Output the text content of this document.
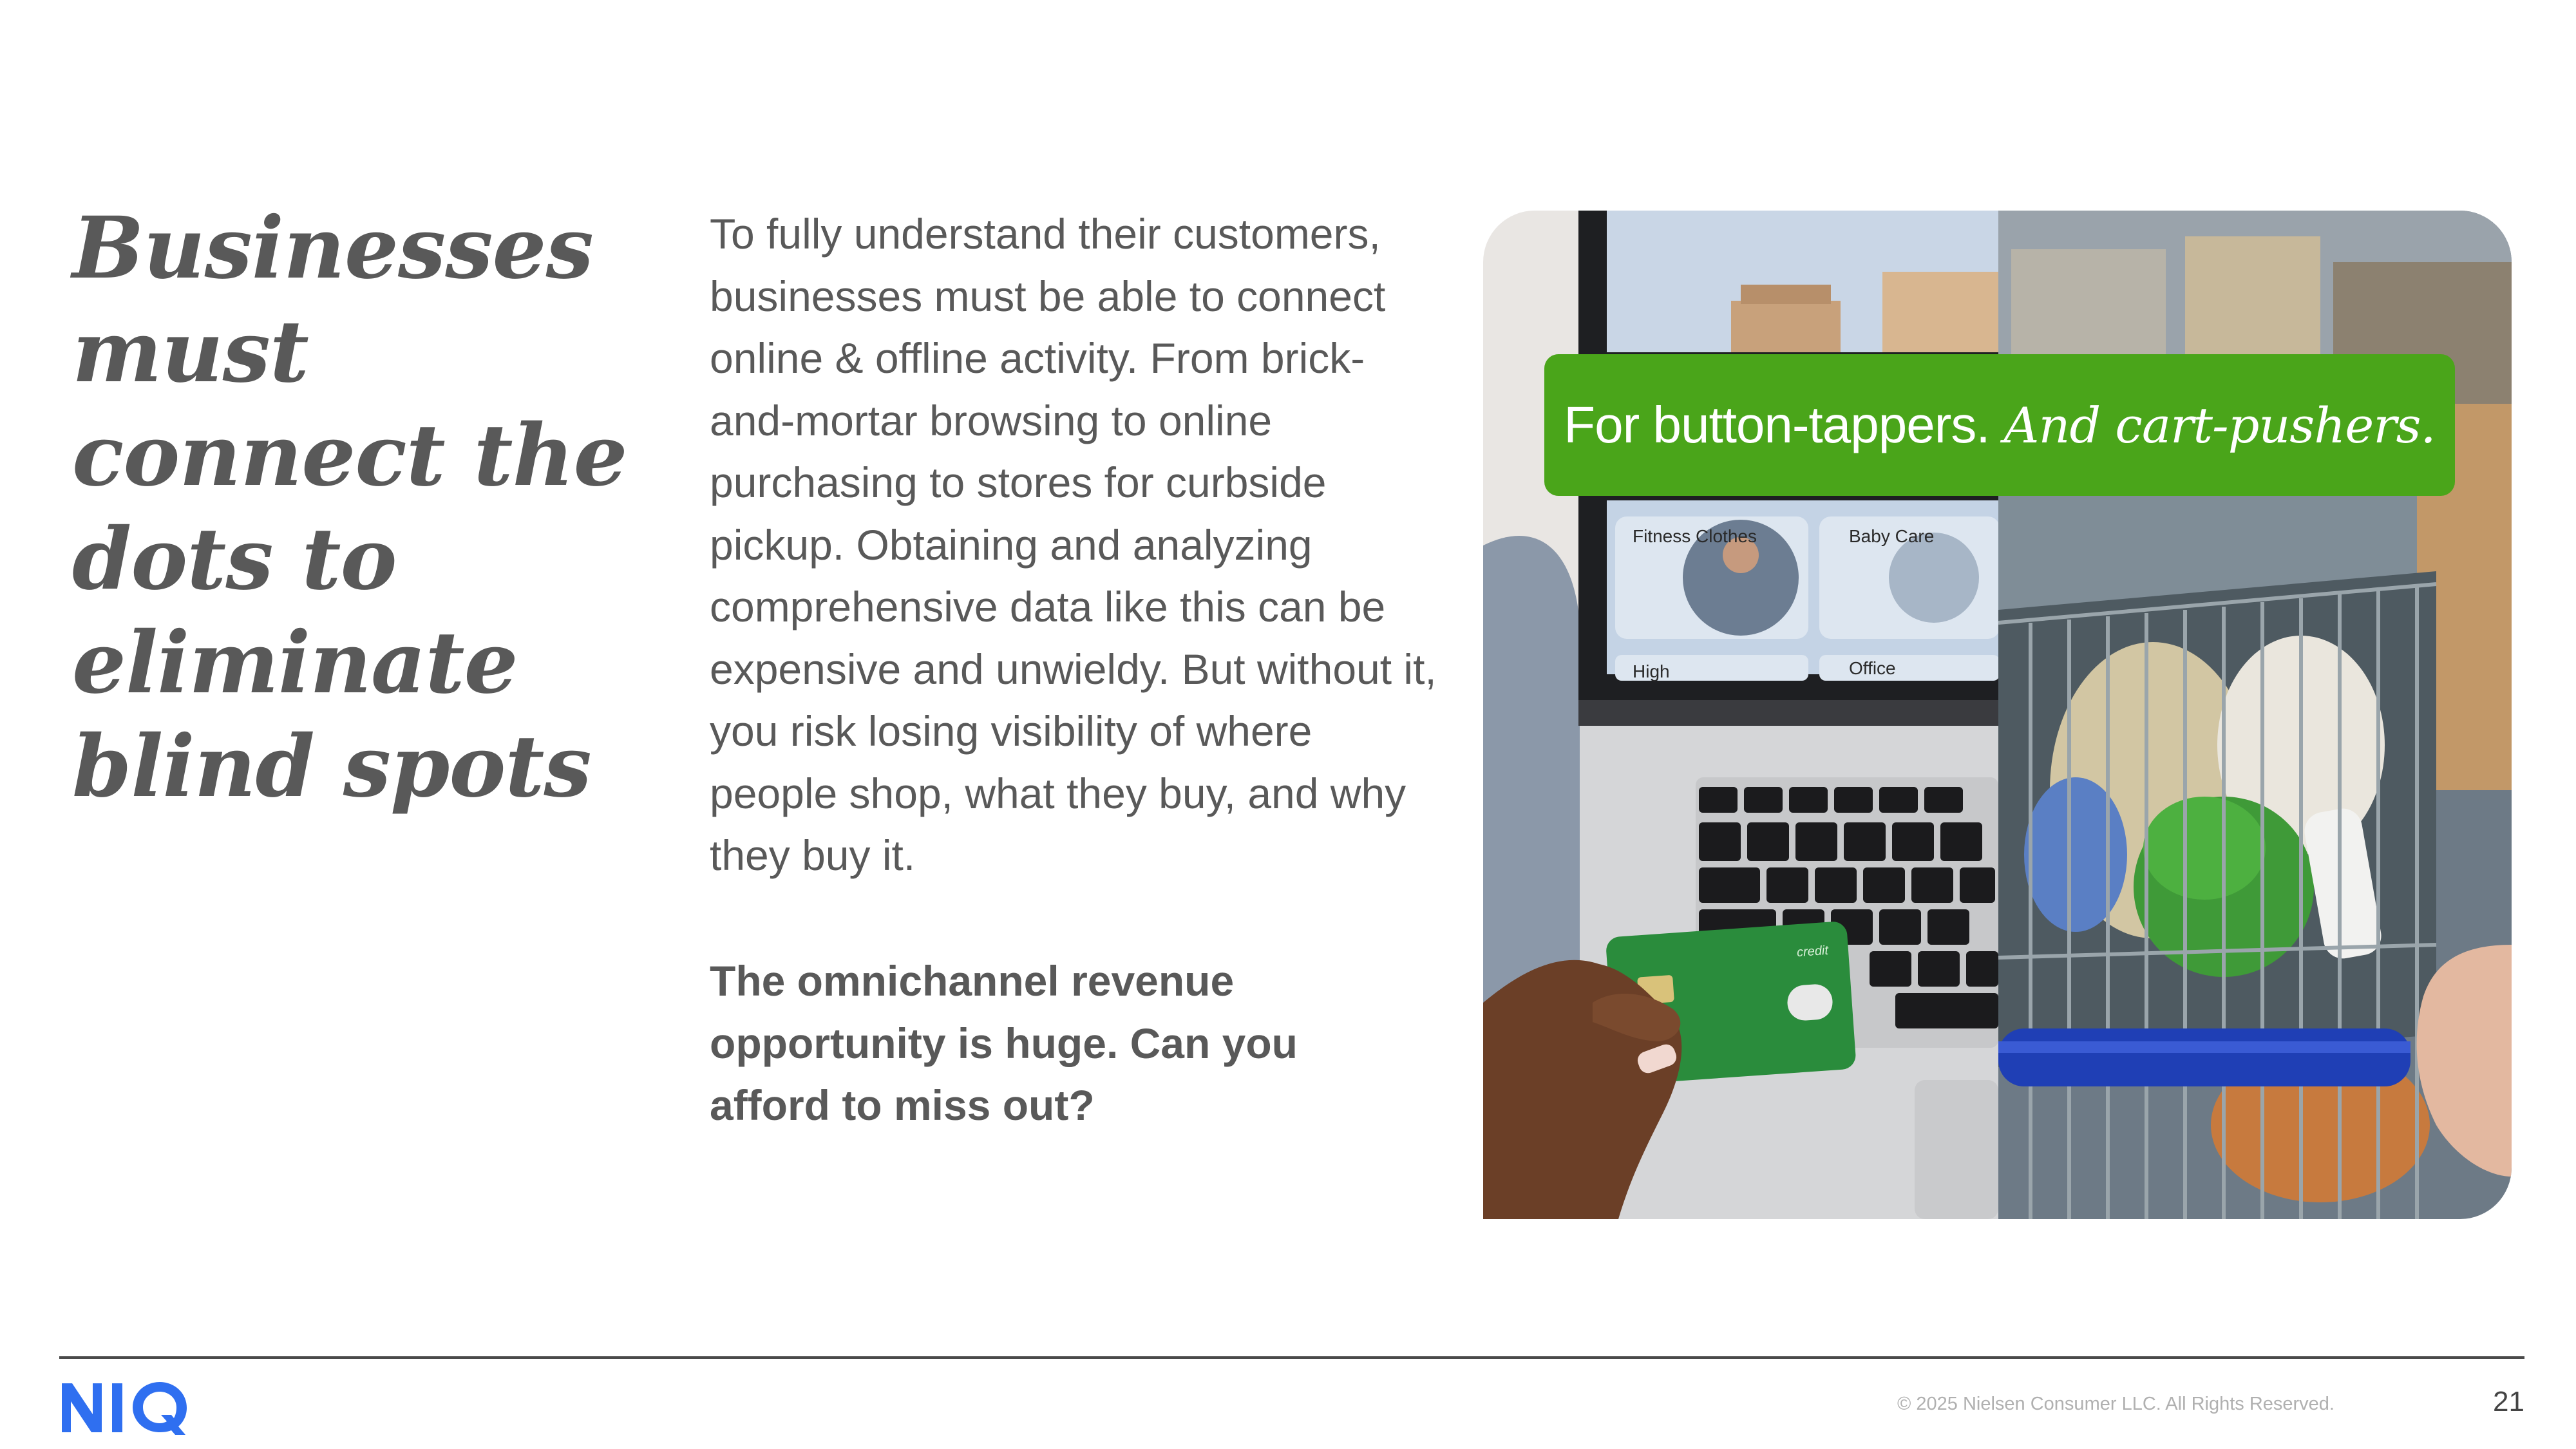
Businesses
must
connect the
dots to
eliminate
blind spots
To fully understand their customers,
businesses must be able to connect
online & offline activity. From brick-
and-mortar browsing to online
purchasing to stores for curbside
pickup. Obtaining and analyzing
comprehensive data like this can be
expensive and unwieldy. But without it,
you risk losing visibility of where
people shop, what they buy, and why
they buy it.
The omnichannel revenue
opportunity is huge. Can you
afford to miss out?
Fitness Clothes	Baby Care
High	Office
credit
For button-tappers. And cart-pushers.
NIQ
© 2025 Nielsen Consumer LLC. All Rights Reserved.	21
